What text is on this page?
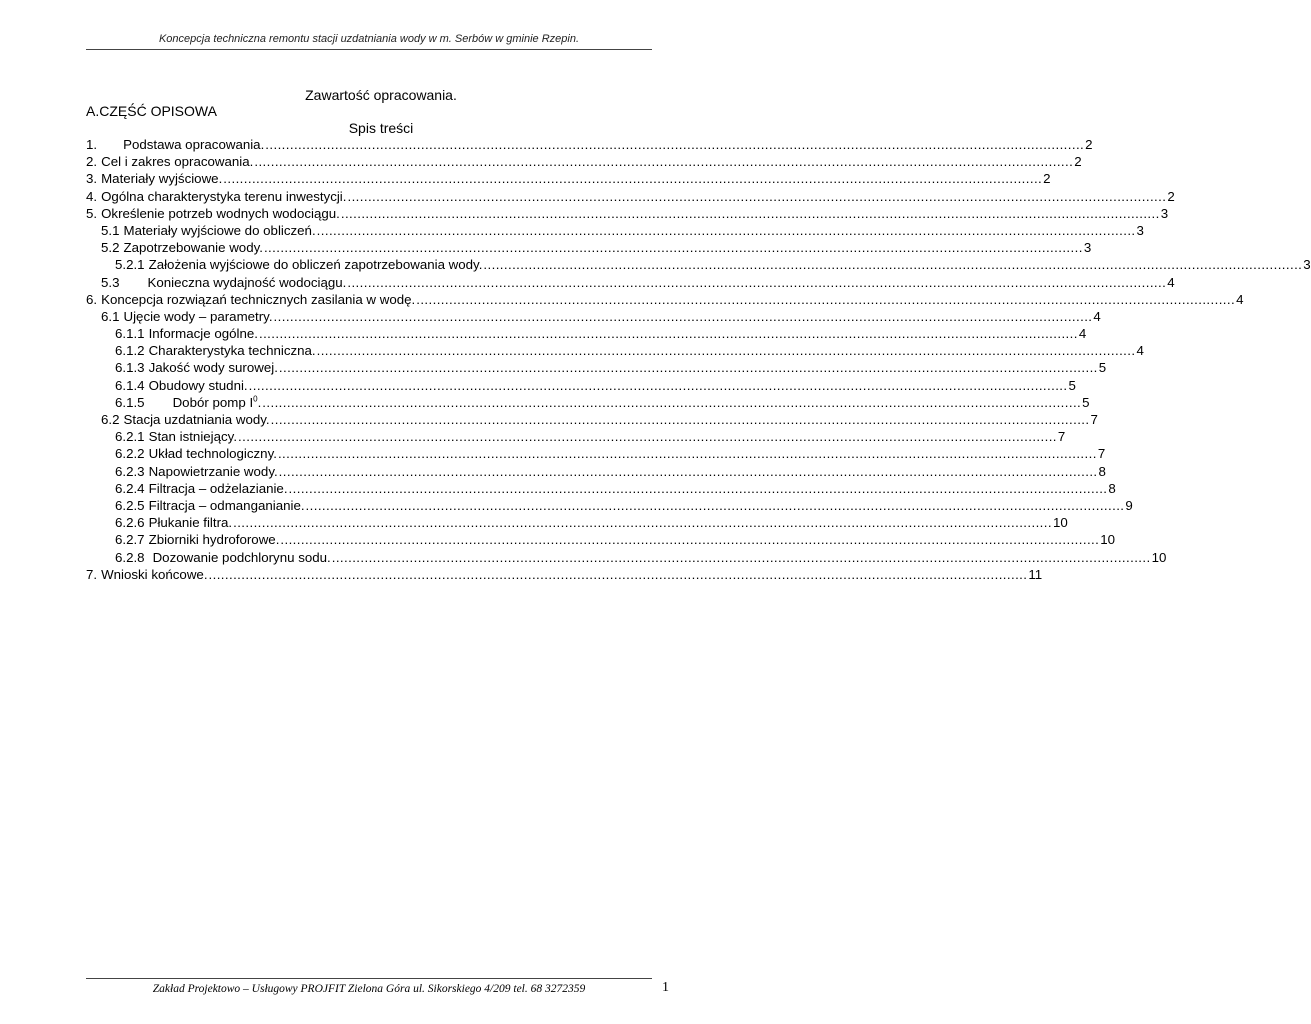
Koncepcja techniczna remontu stacji uzdatniania wody w m. Serbów w gminie Rzepin.
Zawartość opracowania.
A.CZĘŚĆ OPISOWA
Spis treści
1. Podstawa opracowania. ........................................................................................................................................................................................................ 2
2. Cel i zakres opracowania. ........................................................................................................................................................................................................ 2
3. Materiały wyjściowe. ........................................................................................................................................................................................................ 2
4. Ogólna charakterystyka terenu inwestycji. ........................................................................................................................................................................................................ 2
5. Określenie potrzeb wodnych wodociągu. ........................................................................................................................................................................................................ 3
5.1 Materiały wyjściowe do obliczeń. ........................................................................................................................................................................................................ 3
5.2 Zapotrzebowanie wody. ........................................................................................................................................................................................................ 3
5.2.1 Założenia wyjściowe do obliczeń zapotrzebowania wody. ........................................................................................................................................................................................................ 3
5.3 Konieczna wydajność wodociągu. ........................................................................................................................................................................................................ 4
6. Koncepcja rozwiązań technicznych zasilania w wodę. ........................................................................................................................................................................................................ 4
6.1 Ujęcie wody – parametry. ........................................................................................................................................................................................................ 4
6.1.1 Informacje ogólne. ........................................................................................................................................................................................................ 4
6.1.2 Charakterystyka techniczna. ........................................................................................................................................................................................................ 4
6.1.3 Jakość wody surowej. ........................................................................................................................................................................................................ 5
6.1.4 Obudowy studni. ........................................................................................................................................................................................................ 5
6.1.5 Dobór pomp $I^0$. ........................................................................................................................................................................................................ 5
6.2 Stacja uzdatniania wody. ........................................................................................................................................................................................................ 7
6.2.1 Stan istniejący. ........................................................................................................................................................................................................ 7
6.2.2 Układ technologiczny. ........................................................................................................................................................................................................ 7
6.2.3 Napowietrzanie wody. ........................................................................................................................................................................................................ 8
6.2.4 Filtracja – odżelazianie. ........................................................................................................................................................................................................ 8
6.2.5 Filtracja – odmanganianie. ........................................................................................................................................................................................................ 9
6.2.6 Płukanie filtra. ........................................................................................................................................................................................................ 10
6.2.7 Zbiorniki hydroforowe. ........................................................................................................................................................................................................ 10
6.2.8 Dozowanie podchlorynu sodu. ........................................................................................................................................................................................................ 10
7. Wnioski końcowe. ........................................................................................................................................................................................................ 11
Zakład Projektowo – Usługowy PROJFIT Zielona Góra ul. Sikorskiego 4/209 tel. 68 3272359	1
